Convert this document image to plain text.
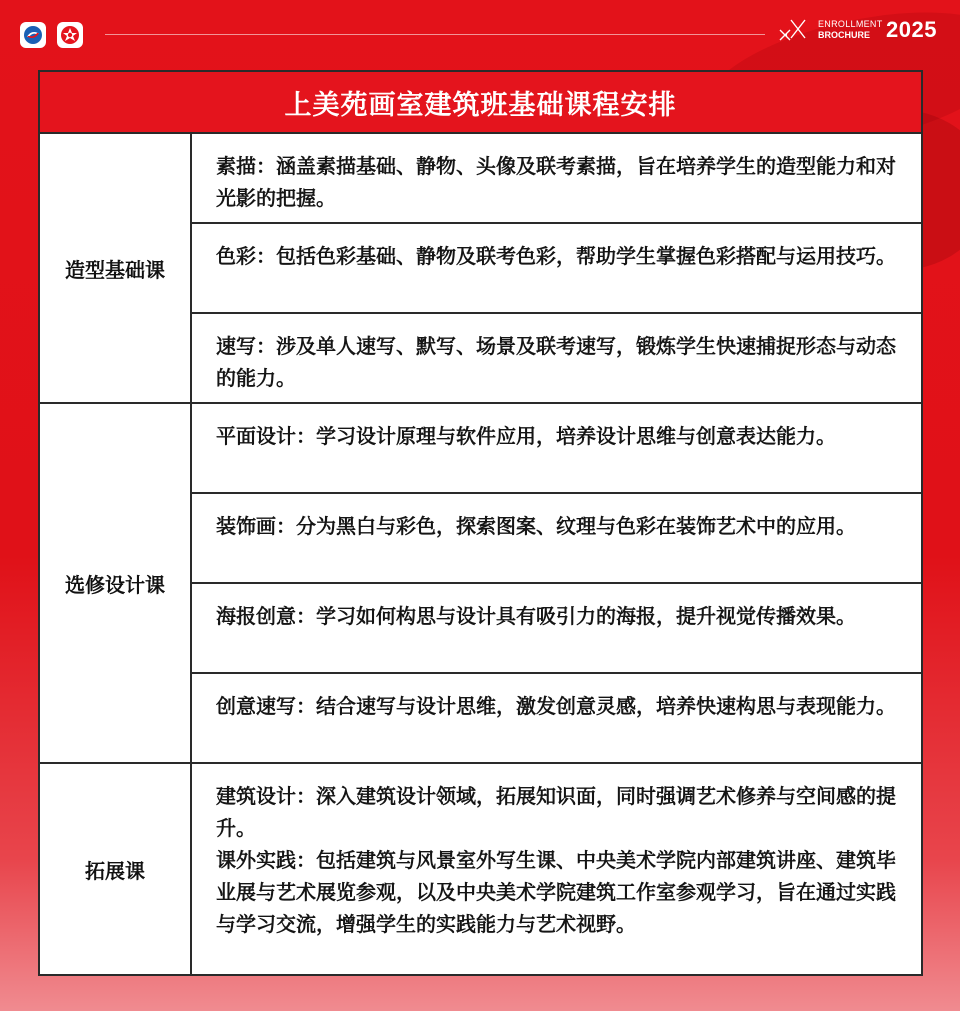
ENROLLMENT
BROCHURE 2025
上美苑画室建筑班基础课程安排
造型基础课
素描：涵盖素描基础、静物、头像及联考素描，旨在培养学生的造型能力和对光影的把握。
色彩：包括色彩基础、静物及联考色彩，帮助学生掌握色彩搭配与运用技巧。
速写：涉及单人速写、默写、场景及联考速写，锻炼学生快速捕捉形态与动态的能力。
选修设计课
平面设计：学习设计原理与软件应用，培养设计思维与创意表达能力。
装饰画：分为黑白与彩色，探索图案、纹理与色彩在装饰艺术中的应用。
海报创意：学习如何构思与设计具有吸引力的海报，提升视觉传播效果。
创意速写：结合速写与设计思维，激发创意灵感，培养快速构思与表现能力。
拓展课

建筑设计：深入建筑设计领域，拓展知识面，同时强调艺术修养与空间感的提升。

课外实践：包括建筑与风景室外写生课、中央美术学院内部建筑讲座、建筑毕业展与艺术展览参观，以及中央美术学院建筑工作室参观学习，旨在通过实践与学习交流，增强学生的实践能力与艺术视野。
